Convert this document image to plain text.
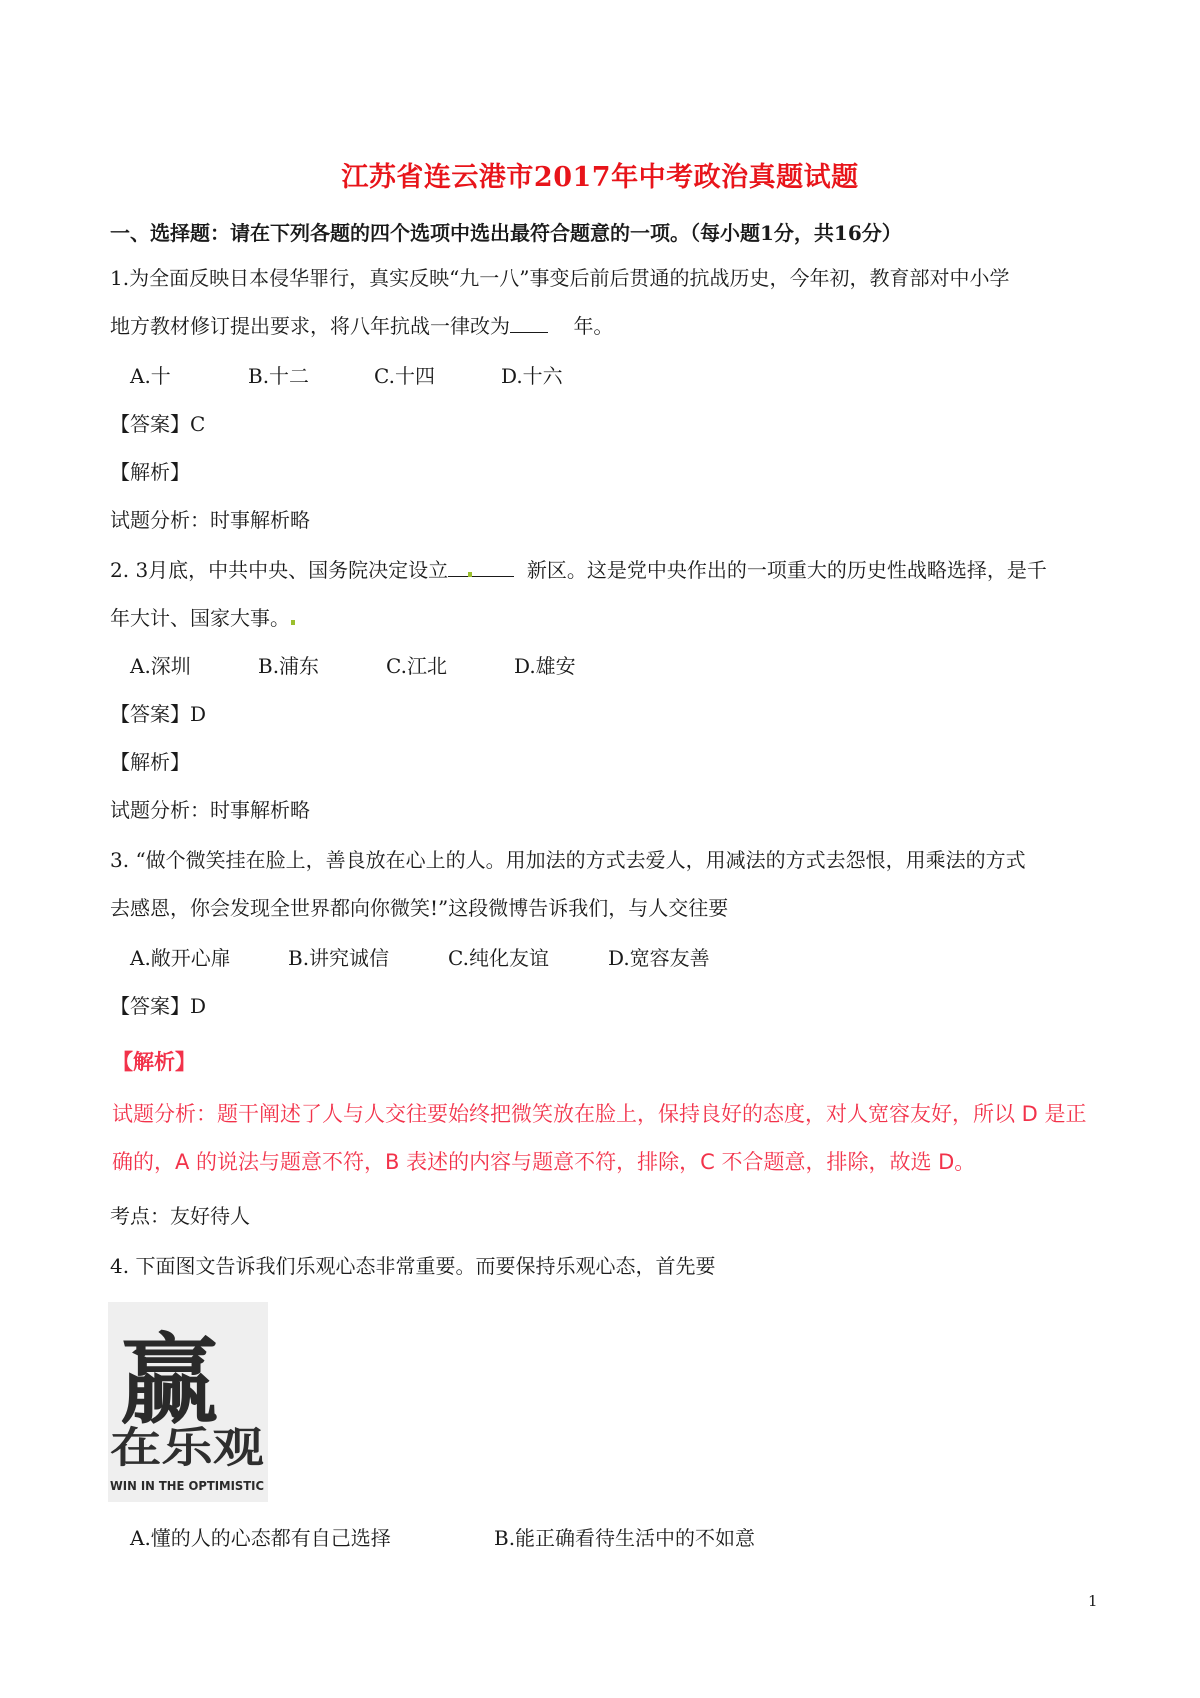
江苏省连云港市2017年中考政治真题试题
一、选择题：请在下列各题的四个选项中选出最符合题意的一项。（每小题1分，共16分）
1.为全面反映日本侵华罪行，真实反映“九一八”事变后前后贯通的抗战历史，今年初，教育部对中小学
地方教材修订提出要求，将八年抗战一律改为	年。
A.十	B.十二	C.十四	D.十六
【答案】C
【解析】
试题分析：时事解析略
2. 3月底，中共中央、国务院决定设立	新区。这是党中央作出的一项重大的历史性战略选择，是千
年大计、国家大事。
A.深圳	B.浦东	C.江北	D.雄安
【答案】D
【解析】
试题分析：时事解析略
3. “做个微笑挂在脸上，善良放在心上的人。用加法的方式去爱人，用减法的方式去怨恨，用乘法的方式
去感恩，你会发现全世界都向你微笑!”这段微博告诉我们，与人交往要
A.敞开心扉	B.讲究诚信	C.纯化友谊	D.宽容友善
【答案】D
【解析】
试题分析：题干阐述了人与人交往要始终把微笑放在脸上，保持良好的态度，对人宽容友好，所以 D 是正
确的，A 的说法与题意不符，B 表述的内容与题意不符，排除，C 不合题意，排除，故选 D。
考点：友好待人
4. 下面图文告诉我们乐观心态非常重要。而要保持乐观心态，首先要
赢
在乐观
WIN IN THE OPTIMISTIC
A.懂的人的心态都有自己选择	B.能正确看待生活中的不如意
1
